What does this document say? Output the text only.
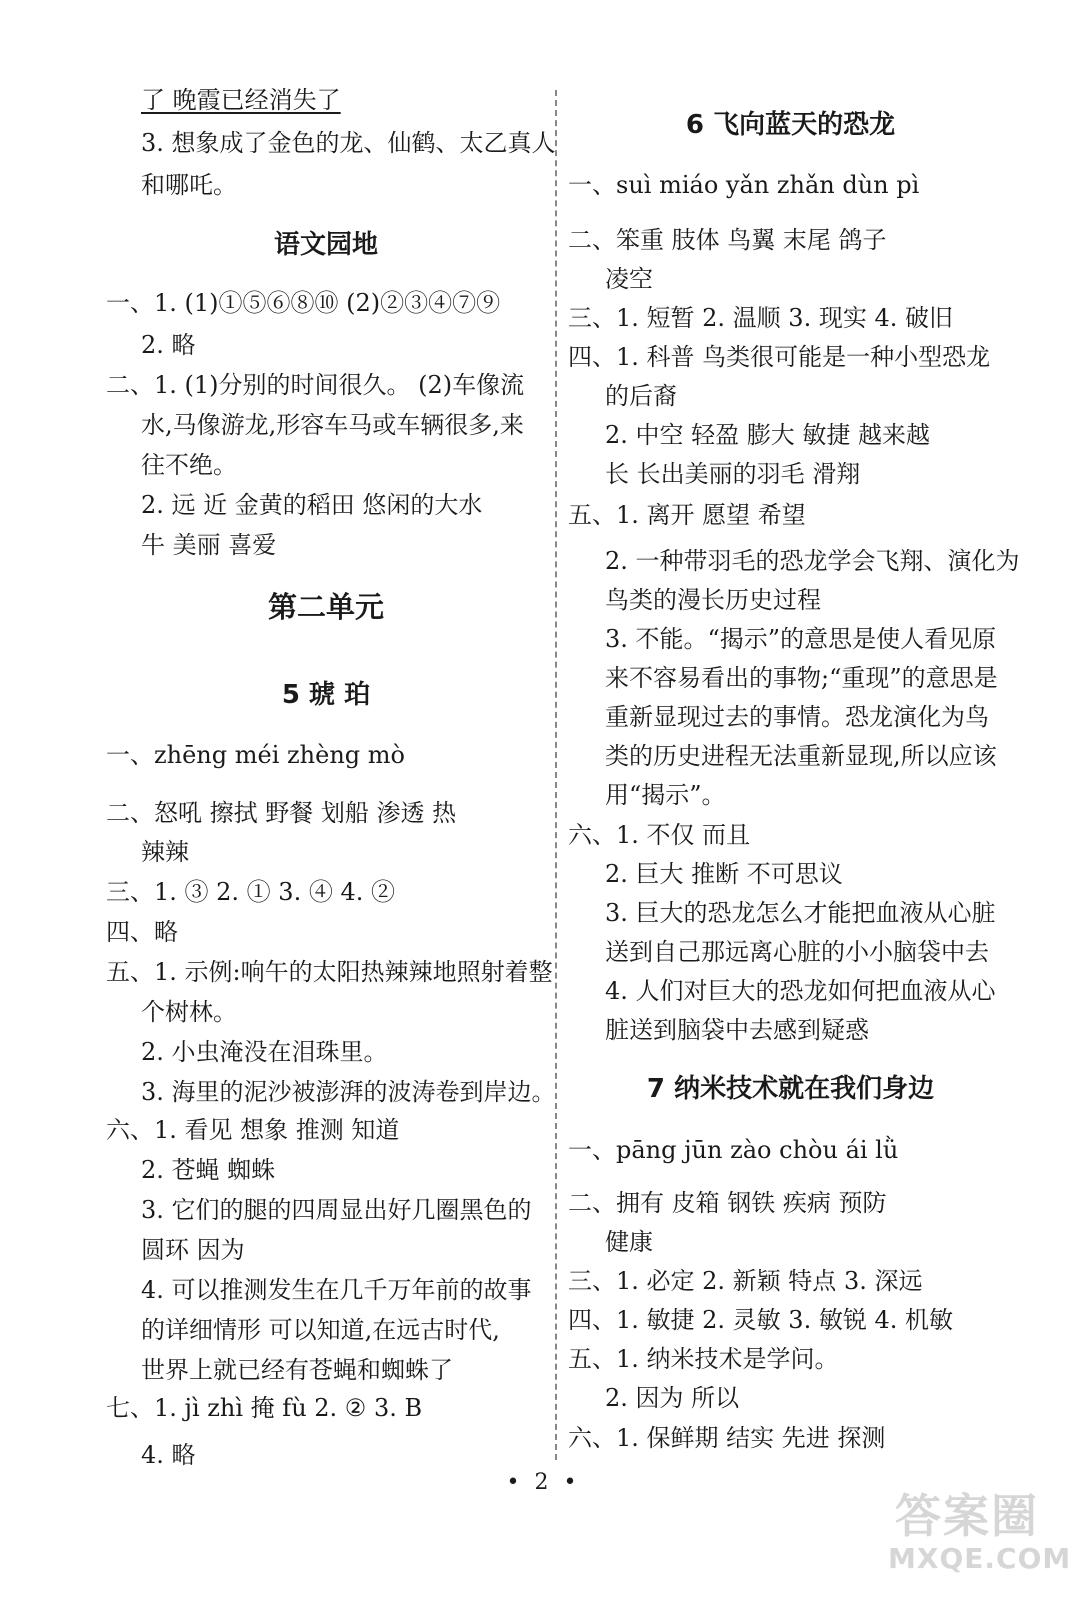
了 晚霞已经消失了
3. 想象成了金色的龙、仙鹤、太乙真人
和哪吒。
语文园地
一、1. (1)①⑤⑥⑧⑩ (2)②③④⑦⑨
2. 略
二、1. (1)分别的时间很久。 (2)车像流
水,马像游龙,形容车马或车辆很多,来
往不绝。
2. 远 近 金黄的稻田 悠闲的大水
牛 美丽 喜爱
第二单元
5 琥 珀
一、zhēng méi zhèng mò
二、怒吼 擦拭 野餐 划船 渗透 热
辣辣
三、1. ③ 2. ① 3. ④ 4. ②
四、略
五、1. 示例:响午的太阳热辣辣地照射着整
个树林。
2. 小虫淹没在泪珠里。
3. 海里的泥沙被澎湃的波涛卷到岸边。
六、1. 看见 想象 推测 知道
2. 苍蝇 蜘蛛
3. 它们的腿的四周显出好几圈黑色的
圆环 因为
4. 可以推测发生在几千万年前的故事
的详细情形 可以知道,在远古时代,
世界上就已经有苍蝇和蜘蛛了
七、1. jì zhì 掩 fù 2. ② 3. B
4. 略
6 飞向蓝天的恐龙
一、suì miáo yǎn zhǎn dùn pì
二、笨重 肢体 鸟翼 末尾 鸽子
凌空
三、1. 短暂 2. 温顺 3. 现实 4. 破旧
四、1. 科普 鸟类很可能是一种小型恐龙
的后裔
2. 中空 轻盈 膨大 敏捷 越来越
长 长出美丽的羽毛 滑翔
五、1. 离开 愿望 希望
2. 一种带羽毛的恐龙学会飞翔、演化为
鸟类的漫长历史过程
3. 不能。“揭示”的意思是使人看见原
来不容易看出的事物;“重现”的意思是
重新显现过去的事情。恐龙演化为鸟
类的历史进程无法重新显现,所以应该
用“揭示”。
六、1. 不仅 而且
2. 巨大 推断 不可思议
3. 巨大的恐龙怎么才能把血液从心脏
送到自己那远离心脏的小小脑袋中去
4. 人们对巨大的恐龙如何把血液从心
脏送到脑袋中去感到疑惑
7 纳米技术就在我们身边
一、pāng jūn zào chòu ái lǜ
二、拥有 皮箱 钢铁 疾病 预防
健康
三、1. 必定 2. 新颖 特点 3. 深远
四、1. 敏捷 2. 灵敏 3. 敏锐 4. 机敏
五、1. 纳米技术是学问。
2. 因为 所以
六、1. 保鲜期 结实 先进 探测
• 2 •
答案圈
MXQE.COM
